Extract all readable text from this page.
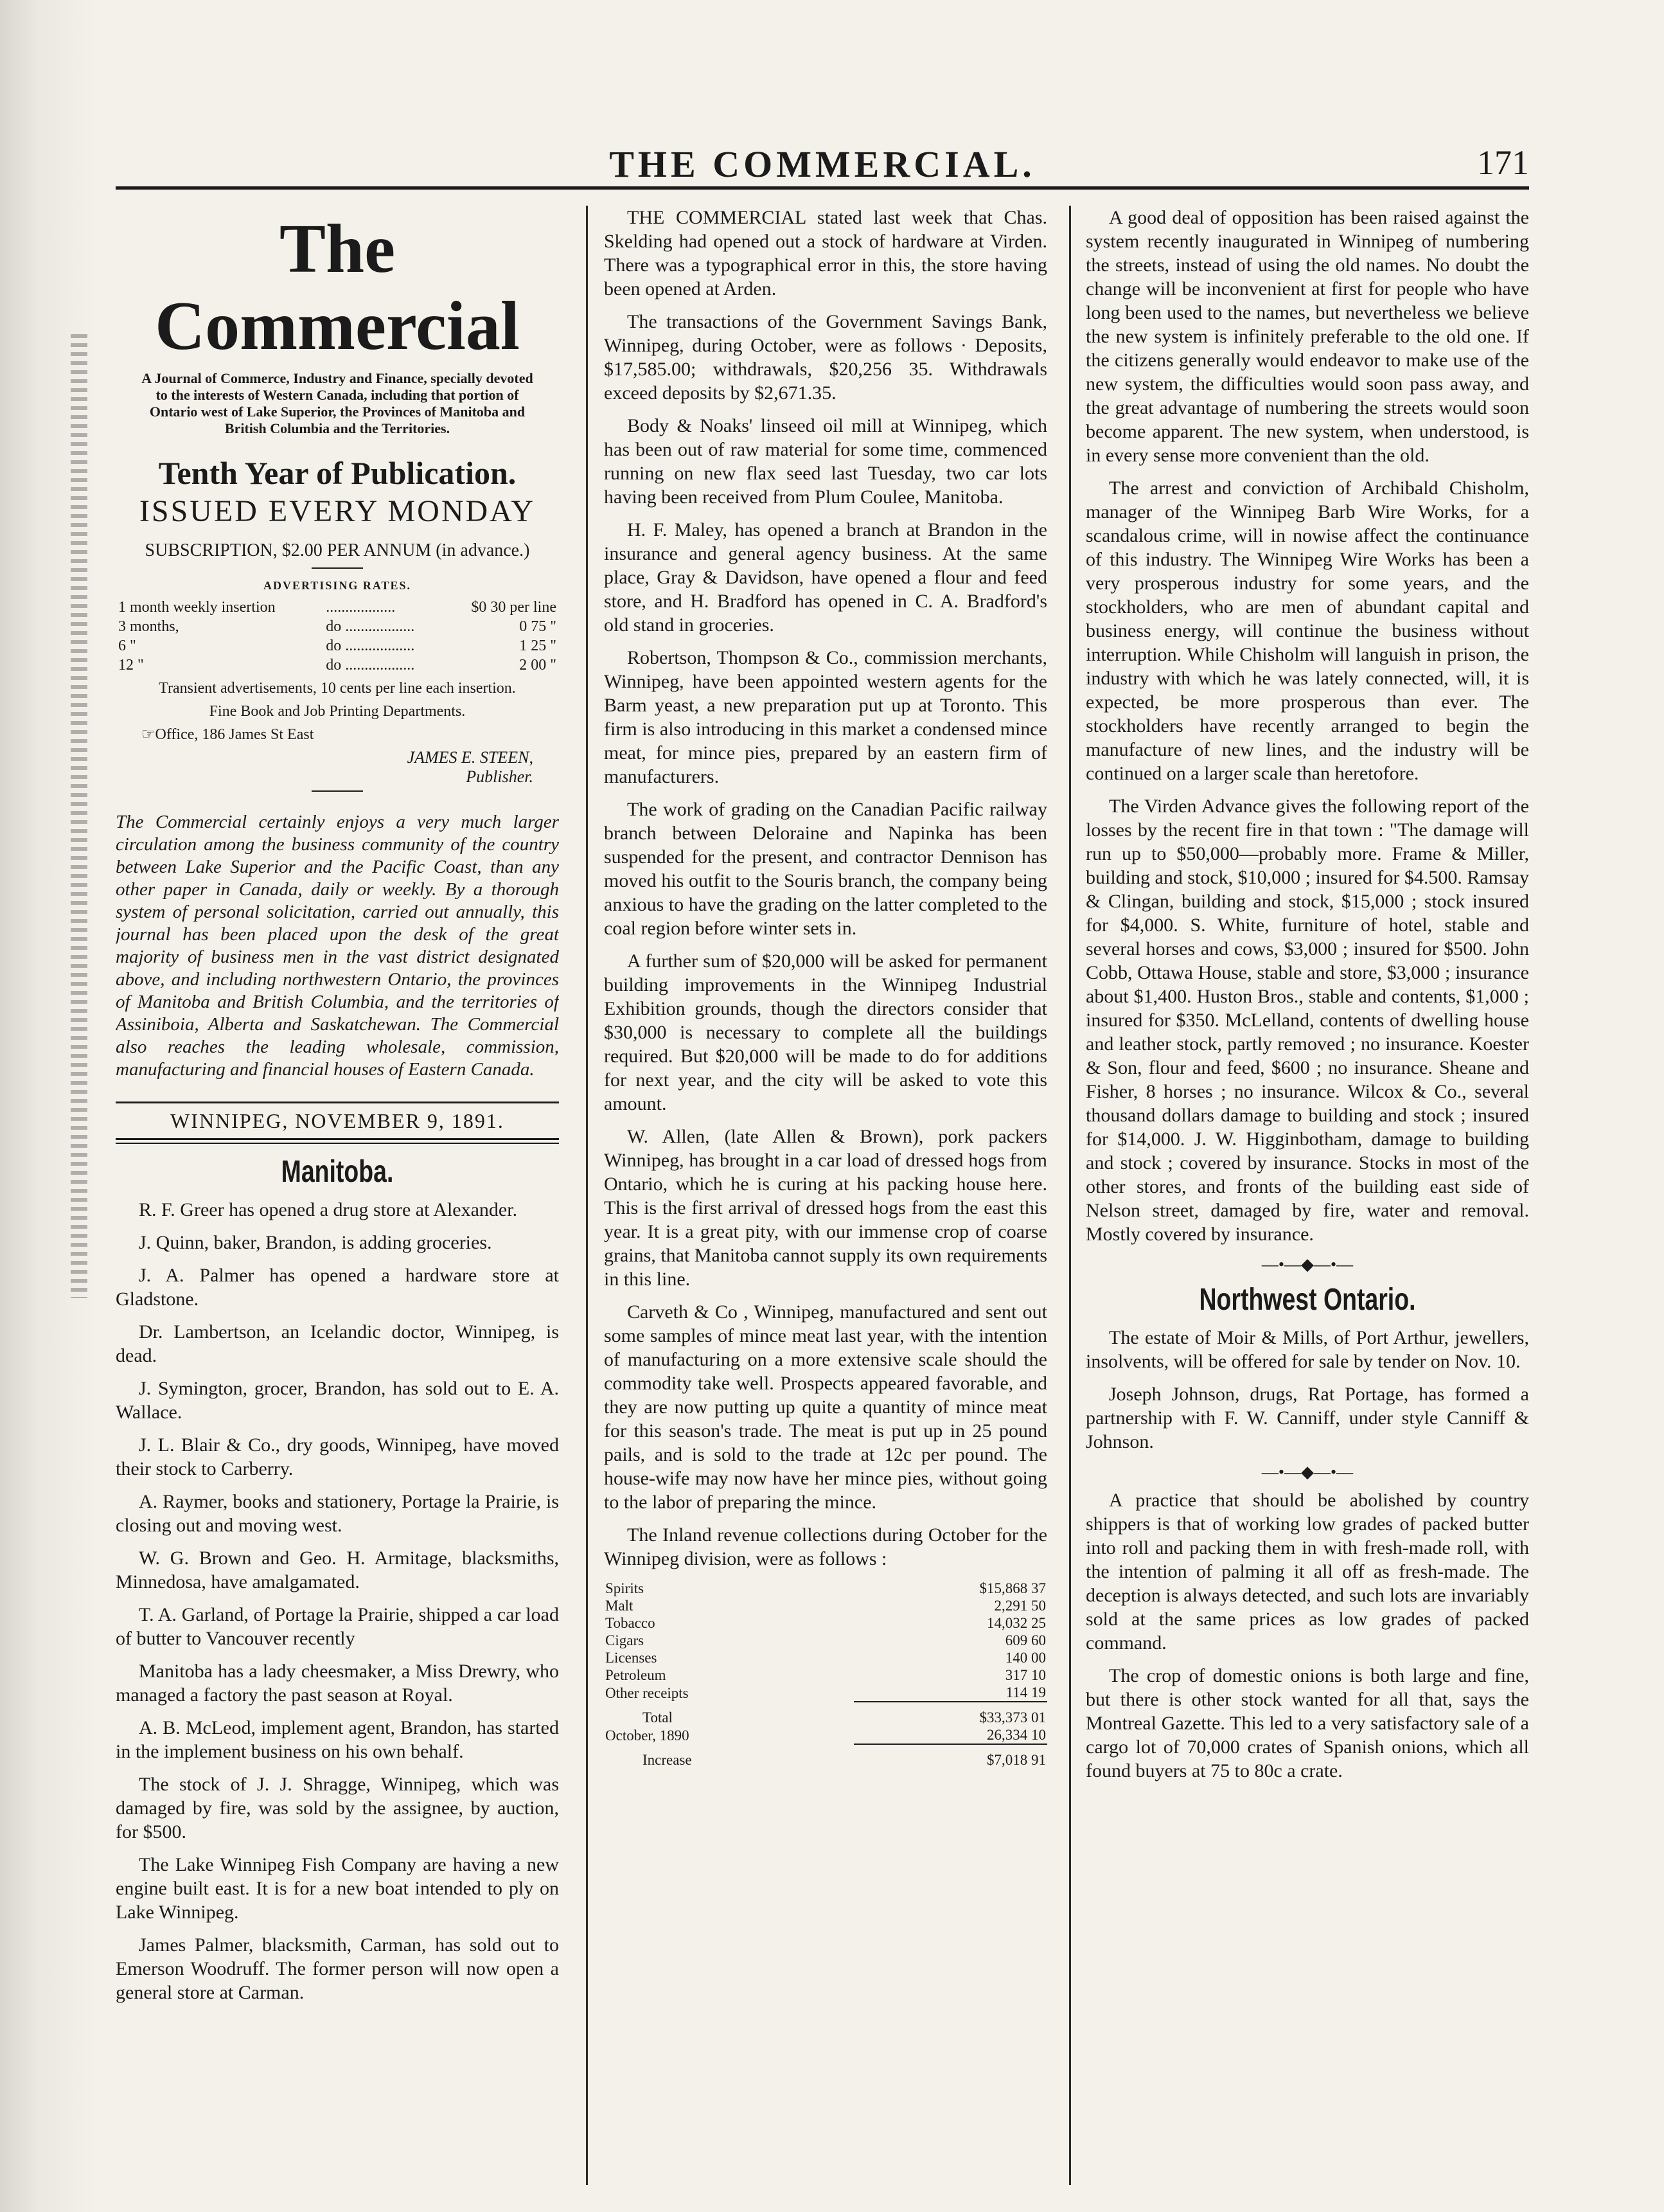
THE COMMERCIAL.	171
The Commercial
A Journal of Commerce, Industry and Finance, specially devoted to the interests of Western Canada, including that portion of Ontario west of Lake Superior, the Provinces of Manitoba and British Columbia and the Territories.
Tenth Year of Publication.
ISSUED EVERY MONDAY
SUBSCRIPTION, $2.00 PER ANNUM (in advance.)
ADVERTISING RATES.
1 month weekly insertion	..................	$0 30 per line
3 months,	do ..................	0 75 "
6 "	do ..................	1 25 "
12 "	do ..................	2 00 "
Transient advertisements, 10 cents per line each insertion.
Fine Book and Job Printing Departments.
☞Office, 186 James St East
JAMES E. STEEN,
Publisher.
The Commercial certainly enjoys a very much larger circulation among the business community of the country between Lake Superior and the Pacific Coast, than any other paper in Canada, daily or weekly. By a thorough system of personal solicitation, carried out annually, this journal has been placed upon the desk of the great majority of business men in the vast district designated above, and including northwestern Ontario, the provinces of Manitoba and British Columbia, and the territories of Assiniboia, Alberta and Saskatchewan. The Commercial also reaches the leading wholesale, commission, manufacturing and financial houses of Eastern Canada.
WINNIPEG, NOVEMBER 9, 1891.
Manitoba.

R. F. Greer has opened a drug store at Alexander.

J. Quinn, baker, Brandon, is adding groceries.

J. A. Palmer has opened a hardware store at Gladstone.

Dr. Lambertson, an Icelandic doctor, Winnipeg, is dead.

J. Symington, grocer, Brandon, has sold out to E. A. Wallace.

J. L. Blair & Co., dry goods, Winnipeg, have moved their stock to Carberry.

A. Raymer, books and stationery, Portage la Prairie, is closing out and moving west.

W. G. Brown and Geo. H. Armitage, blacksmiths, Minnedosa, have amalgamated.

T. A. Garland, of Portage la Prairie, shipped a car load of butter to Vancouver recently

Manitoba has a lady cheesmaker, a Miss Drewry, who managed a factory the past season at Royal.

A. B. McLeod, implement agent, Brandon, has started in the implement business on his own behalf.

The stock of J. J. Shragge, Winnipeg, which was damaged by fire, was sold by the assignee, by auction, for $500.

The Lake Winnipeg Fish Company are having a new engine built east. It is for a new boat intended to ply on Lake Winnipeg.

James Palmer, blacksmith, Carman, has sold out to Emerson Woodruff. The former person will now open a general store at Carman.

THE COMMERCIAL stated last week that Chas. Skelding had opened out a stock of hardware at Virden. There was a typographical error in this, the store having been opened at Arden.

The transactions of the Government Savings Bank, Winnipeg, during October, were as follows · Deposits, $17,585.00; withdrawals, $20,256 35. Withdrawals exceed deposits by $2,671.35.

Body & Noaks' linseed oil mill at Winnipeg, which has been out of raw material for some time, commenced running on new flax seed last Tuesday, two car lots having been received from Plum Coulee, Manitoba.

H. F. Maley, has opened a branch at Brandon in the insurance and general agency business. At the same place, Gray & Davidson, have opened a flour and feed store, and H. Bradford has opened in C. A. Bradford's old stand in groceries.

Robertson, Thompson & Co., commission merchants, Winnipeg, have been appointed western agents for the Barm yeast, a new preparation put up at Toronto. This firm is also introducing in this market a condensed mince meat, for mince pies, prepared by an eastern firm of manufacturers.

The work of grading on the Canadian Pacific railway branch between Deloraine and Napinka has been suspended for the present, and contractor Dennison has moved his outfit to the Souris branch, the company being anxious to have the grading on the latter completed to the coal region before winter sets in.

A further sum of $20,000 will be asked for permanent building improvements in the Winnipeg Industrial Exhibition grounds, though the directors consider that $30,000 is necessary to complete all the buildings required. But $20,000 will be made to do for additions for next year, and the city will be asked to vote this amount.

W. Allen, (late Allen & Brown), pork packers Winnipeg, has brought in a car load of dressed hogs from Ontario, which he is curing at his packing house here. This is the first arrival of dressed hogs from the east this year. It is a great pity, with our immense crop of coarse grains, that Manitoba cannot supply its own requirements in this line.

Carveth & Co , Winnipeg, manufactured and sent out some samples of mince meat last year, with the intention of manufacturing on a more extensive scale should the commodity take well. Prospects appeared favorable, and they are now putting up quite a quantity of mince meat for this season's trade. The meat is put up in 25 pound pails, and is sold to the trade at 12c per pound. The house-wife may now have her mince pies, without going to the labor of preparing the mince.

The Inland revenue collections during October for the Winnipeg division, were as follows :

Spirits	$15,868 37
Malt	2,291 50
Tobacco	14,032 25
Cigars	609 60
Licenses	140 00
Petroleum	317 10
Other receipts	114 19
Total	$33,373 01
October, 1890	26,334 10
Increase	$7,018 91

A good deal of opposition has been raised against the system recently inaugurated in Winnipeg of numbering the streets, instead of using the old names. No doubt the change will be inconvenient at first for people who have long been used to the names, but nevertheless we believe the new system is infinitely preferable to the old one. If the citizens generally would endeavor to make use of the new system, the difficulties would soon pass away, and the great advantage of numbering the streets would soon become apparent. The new system, when understood, is in every sense more convenient than the old.

The arrest and conviction of Archibald Chisholm, manager of the Winnipeg Barb Wire Works, for a scandalous crime, will in nowise affect the continuance of this industry. The Winnipeg Wire Works has been a very prosperous industry for some years, and the stockholders, who are men of abundant capital and business energy, will continue the business without interruption. While Chisholm will languish in prison, the industry with which he was lately connected, will, it is expected, be more prosperous than ever. The stockholders have recently arranged to begin the manufacture of new lines, and the industry will be continued on a larger scale than heretofore.

The Virden Advance gives the following report of the losses by the recent fire in that town : "The damage will run up to $50,000—probably more. Frame & Miller, building and stock, $10,000 ; insured for $4.500. Ramsay & Clingan, building and stock, $15,000 ; stock insured for $4,000. S. White, furniture of hotel, stable and several horses and cows, $3,000 ; insured for $500. John Cobb, Ottawa House, stable and store, $3,000 ; insurance about $1,400. Huston Bros., stable and contents, $1,000 ; insured for $350. McLelland, contents of dwelling house and leather stock, partly removed ; no insurance. Koester & Son, flour and feed, $600 ; no insurance. Sheane and Fisher, 8 horses ; no insurance. Wilcox & Co., several thousand dollars damage to building and stock ; insured for $14,000. J. W. Higginbotham, damage to building and stock ; covered by insurance. Stocks in most of the other stores, and fronts of the building east side of Nelson street, damaged by fire, water and removal. Mostly covered by insurance.

—•—◆—•—
Northwest Ontario.

The estate of Moir & Mills, of Port Arthur, jewellers, insolvents, will be offered for sale by tender on Nov. 10.

Joseph Johnson, drugs, Rat Portage, has formed a partnership with F. W. Canniff, under style Canniff & Johnson.

—•—◆—•—

A practice that should be abolished by country shippers is that of working low grades of packed butter into roll and packing them in with fresh-made roll, with the intention of palming it all off as fresh-made. The deception is always detected, and such lots are invariably sold at the same prices as low grades of packed command.

The crop of domestic onions is both large and fine, but there is other stock wanted for all that, says the Montreal Gazette. This led to a very satisfactory sale of a cargo lot of 70,000 crates of Spanish onions, which all found buyers at 75 to 80c a crate.
